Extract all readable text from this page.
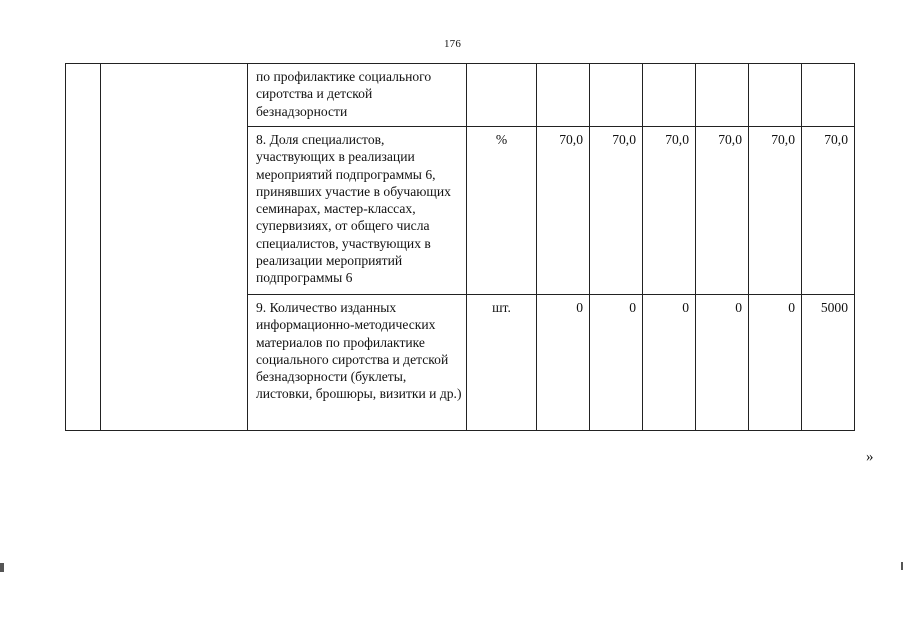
176
		по профилактике социального сиротства и детской безнадзорности							
		8. Доля специалистов, участвующих в реализации мероприятий подпрограммы 6, принявших участие в обучающих семинарах, мастер-классах, супервизиях, от общего числа специалистов, участвующих в реализации мероприятий подпрограммы 6	%	70,0	70,0	70,0	70,0	70,0	70,0
		9. Количество изданных информационно-методических материалов по профилактике социального сиротства и детской безнадзорности (буклеты, листовки, брошюры, визитки и др.)	шт.	0	0	0	0	0	5000
»
